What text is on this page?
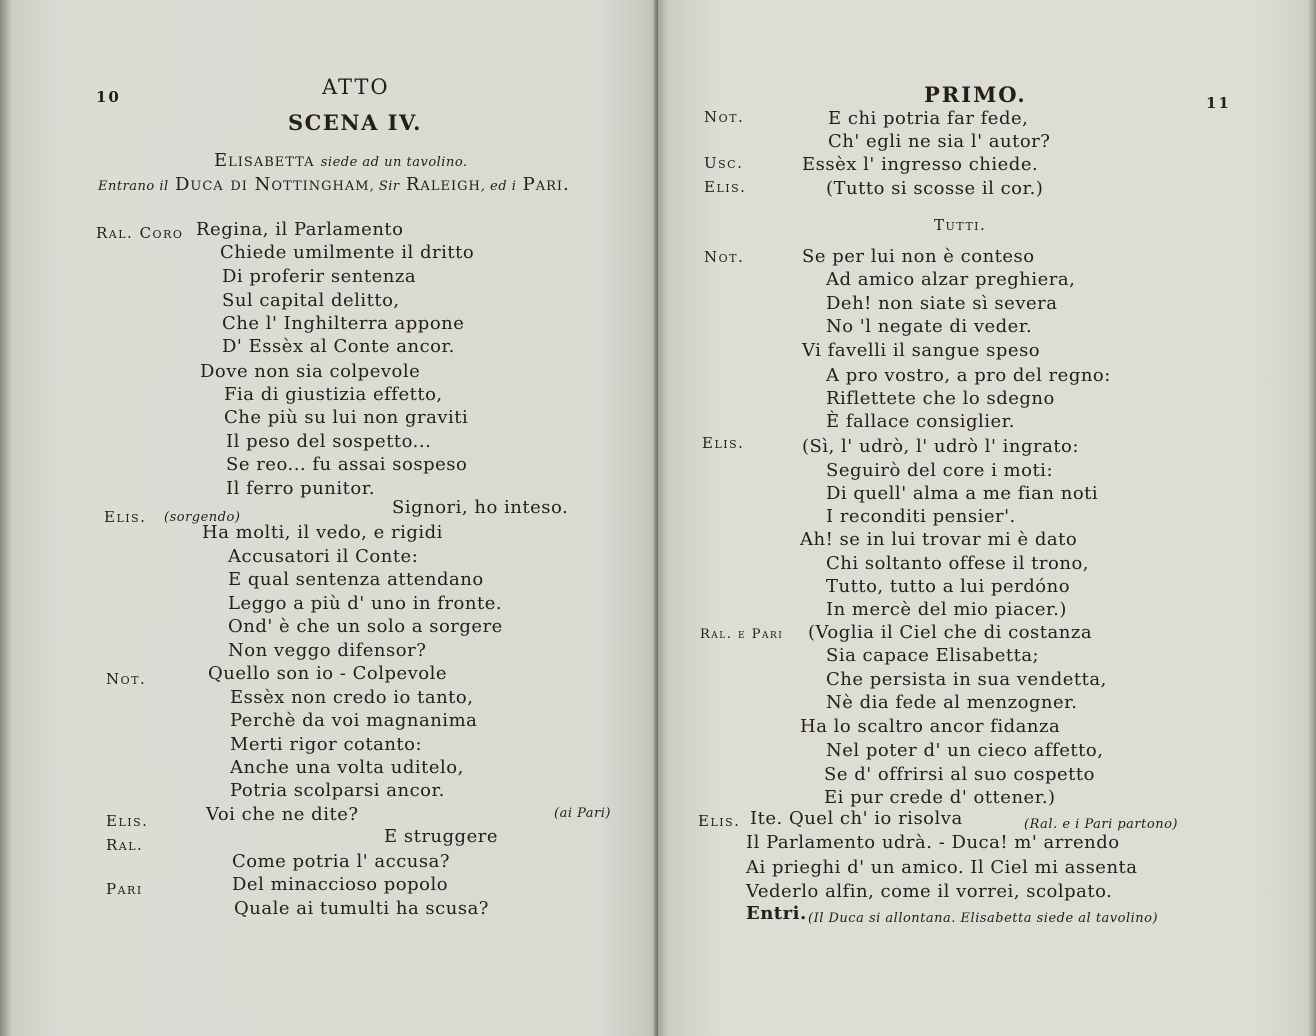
10	ATTO
SCENA IV.
Elisabetta siede ad un tavolino.
Entrano il Duca di Nottingham, Sir Raleigh, ed i Pari.
Ral. Coro Regina, il Parlamento
Chiede umilmente il dritto
Di proferir sentenza
Sul capital delitto,
Che l' Inghilterra appone
D' Essèx al Conte ancor.
Dove non sia colpevole
Fia di giustizia effetto,
Che più su lui non graviti
Il peso del sospetto...
Se reo... fu assai sospeso
Il ferro punitor.
Elis. (sorgendo)	Signori, ho inteso.
Ha molti, il vedo, e rigidi
Accusatori il Conte:
E qual sentenza attendano
Leggo a più d' uno in fronte.
Ond' è che un solo a sorgere
Non veggo difensor?
Not.	Quello son io - Colpevole
Essèx non credo io tanto,
Perchè da voi magnanima
Merti rigor cotanto:
Anche una volta uditelo,
Potria scolparsi ancor.
Elis.	Voi che ne dite?	(ai Pari)
Ral.	E struggere
Come potria l' accusa?
Pari	Del minaccioso popolo
Quale ai tumulti ha scusa?
PRIMO.	11
Not.	E chi potria far fede,
Ch' egli ne sia l' autor?
Usc.	Essèx l' ingresso chiede.
Elis.	(Tutto si scosse il cor.)
Tutti.
Not.	Se per lui non è conteso
Ad amico alzar preghiera,
Deh! non siate sì severa
No 'l negate di veder.
Vi favelli il sangue speso
A pro vostro, a pro del regno:
Riflettete che lo sdegno
È fallace consiglier.
Elis.	(Sì, l' udrò, l' udrò l' ingrato:
Seguirò del core i moti:
Di quell' alma a me fian noti
I reconditi pensier'.
Ah! se in lui trovar mi è dato
Chi soltanto offese il trono,
Tutto, tutto a lui perdóno
In mercè del mio piacer.)
Ral. e Pari (Voglia il Ciel che di costanza
Sia capace Elisabetta;
Che persista in sua vendetta,
Nè dia fede al menzogner.
Ha lo scaltro ancor fidanza
Nel poter d' un cieco affetto,
Se d' offrirsi al suo cospetto
Ei pur crede d' ottener.)
Elis. Ite. Quel ch' io risolva	(Ral. e i Pari partono)
Il Parlamento udrà. - Duca! m' arrendo
Ai prieghi d' un amico. Il Ciel mi assenta
Vederlo alfin, come il vorrei, scolpato.
Entri. (Il Duca si allontana. Elisabetta siede al tavolino)
